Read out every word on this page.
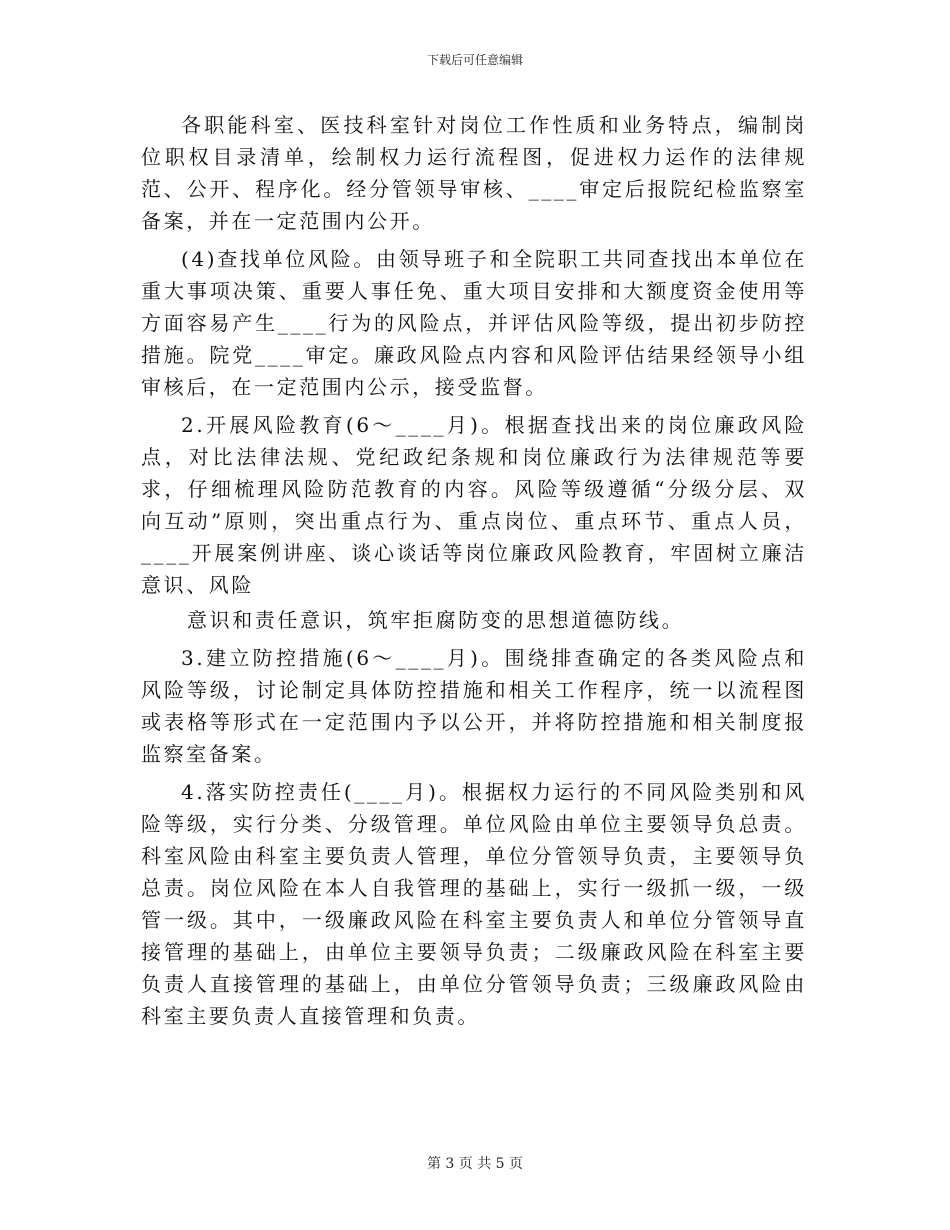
下载后可任意编辑

各职能科室、医技科室针对岗位工作性质和业务特点，编制岗位职权目录清单，绘制权力运行流程图，促进权力运作的法律规范、公开、程序化。经分管领导审核、____审定后报院纪检监察室备案，并在一定范围内公开。

(4)查找单位风险。由领导班子和全院职工共同查找出本单位在重大事项决策、重要人事任免、重大项目安排和大额度资金使用等方面容易产生____行为的风险点，并评估风险等级，提出初步防控措施。院党____审定。廉政风险点内容和风险评估结果经领导小组审核后，在一定范围内公示，接受监督。

2.开展风险教育(6～____月)。根据查找出来的岗位廉政风险点，对比法律法规、党纪政纪条规和岗位廉政行为法律规范等要求，仔细梳理风险防范教育的内容。风险等级遵循“分级分层、双向互动”原则，突出重点行为、重点岗位、重点环节、重点人员，____开展案例讲座、谈心谈话等岗位廉政风险教育，牢固树立廉洁意识、风险

意识和责任意识，筑牢拒腐防变的思想道德防线。

3.建立防控措施(6～____月)。围绕排查确定的各类风险点和风险等级，讨论制定具体防控措施和相关工作程序，统一以流程图或表格等形式在一定范围内予以公开，并将防控措施和相关制度报监察室备案。

4.落实防控责任(____月)。根据权力运行的不同风险类别和风险等级，实行分类、分级管理。单位风险由单位主要领导负总责。科室风险由科室主要负责人管理，单位分管领导负责，主要领导负总责。岗位风险在本人自我管理的基础上，实行一级抓一级，一级管一级。其中，一级廉政风险在科室主要负责人和单位分管领导直接管理的基础上，由单位主要领导负责；二级廉政风险在科室主要负责人直接管理的基础上，由单位分管领导负责；三级廉政风险由科室主要负责人直接管理和负责。

第 3 页 共 5 页
